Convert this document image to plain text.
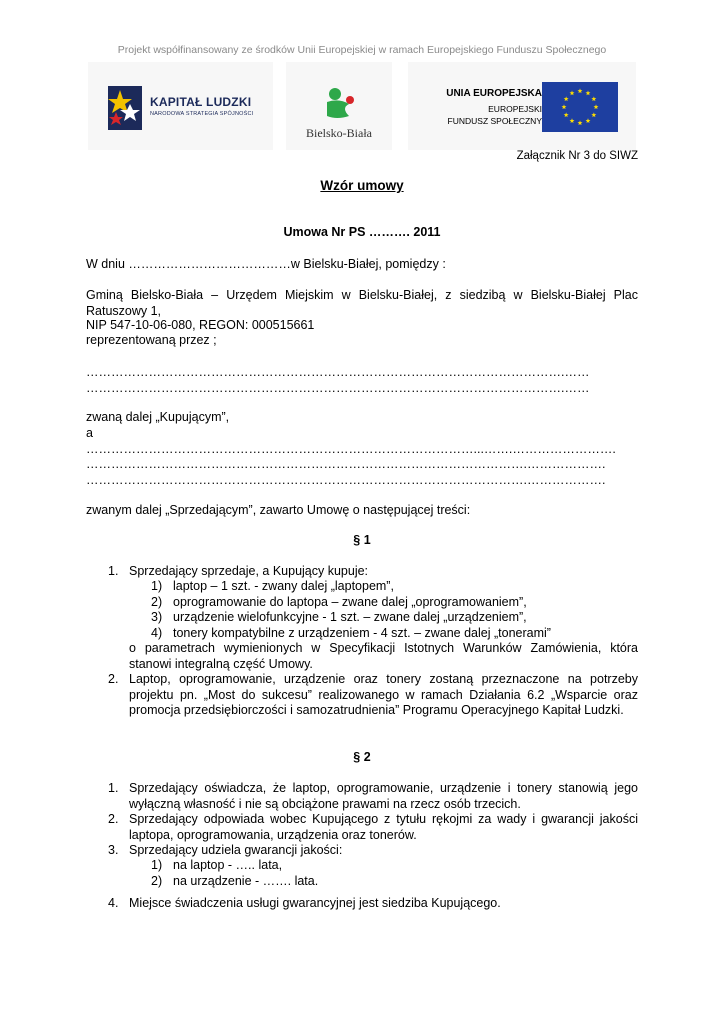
Projekt współfinansowany ze środków Unii Europejskiej w ramach Europejskiego Funduszu Społecznego
KAPITAŁ LUDZKI
NARODOWA STRATEGIA SPÓJNOŚCI
Bielsko-Biała
UNIA EUROPEJSKA
EUROPEJSKI
FUNDUSZ SPOŁECZNY
Załącznik Nr 3 do SIWZ
Wzór umowy
Umowa Nr PS ………. 2011
W dniu …………………………………w Bielsku-Białej, pomiędzy :
Gminą Bielsko-Biała – Urzędem Miejskim w Bielsku-Białej, z siedzibą w Bielsku-Białej Plac Ratuszowy 1,
NIP 547-10-06-080, REGON: 000515661
reprezentowaną przez ;
…………………………………………………………………………………………………….……
…………………………………………………………………………………………………….……
zwaną dalej „Kupującym”,
a
…………………………………………………………………………………...…….…………………….
…………………………………………………………………………………………….……………….
…………………………………………………………………………………………….……………….
zwanym dalej „Sprzedającym”, zawarto Umowę o następującej treści:
§ 1
1. Sprzedający sprzedaje, a Kupujący kupuje:
1) laptop – 1 szt. - zwany dalej „laptopem”,
2) oprogramowanie do laptopa – zwane dalej „oprogramowaniem”,
3) urządzenie wielofunkcyjne - 1 szt. – zwane dalej „urządzeniem”,
4) tonery kompatybilne z urządzeniem - 4 szt. – zwane dalej „tonerami”
o parametrach wymienionych w Specyfikacji Istotnych Warunków Zamówienia, która stanowi integralną część Umowy.
2. Laptop, oprogramowanie, urządzenie oraz tonery zostaną przeznaczone na potrzeby projektu pn. „Most do sukcesu” realizowanego w ramach Działania 6.2 „Wsparcie oraz promocja przedsiębiorczości i samozatrudnienia” Programu Operacyjnego Kapitał Ludzki.
§ 2
1. Sprzedający oświadcza, że laptop, oprogramowanie, urządzenie i tonery stanowią jego wyłączną własność i nie są obciążone prawami na rzecz osób trzecich.
2. Sprzedający odpowiada wobec Kupującego z tytułu rękojmi za wady i gwarancji jakości laptopa, oprogramowania, urządzenia oraz tonerów.
3. Sprzedający udziela gwarancji jakości:
1) na laptop - ….. lata,
2) na urządzenie - ……. lata.
4. Miejsce świadczenia usługi gwarancyjnej jest siedziba Kupującego.
